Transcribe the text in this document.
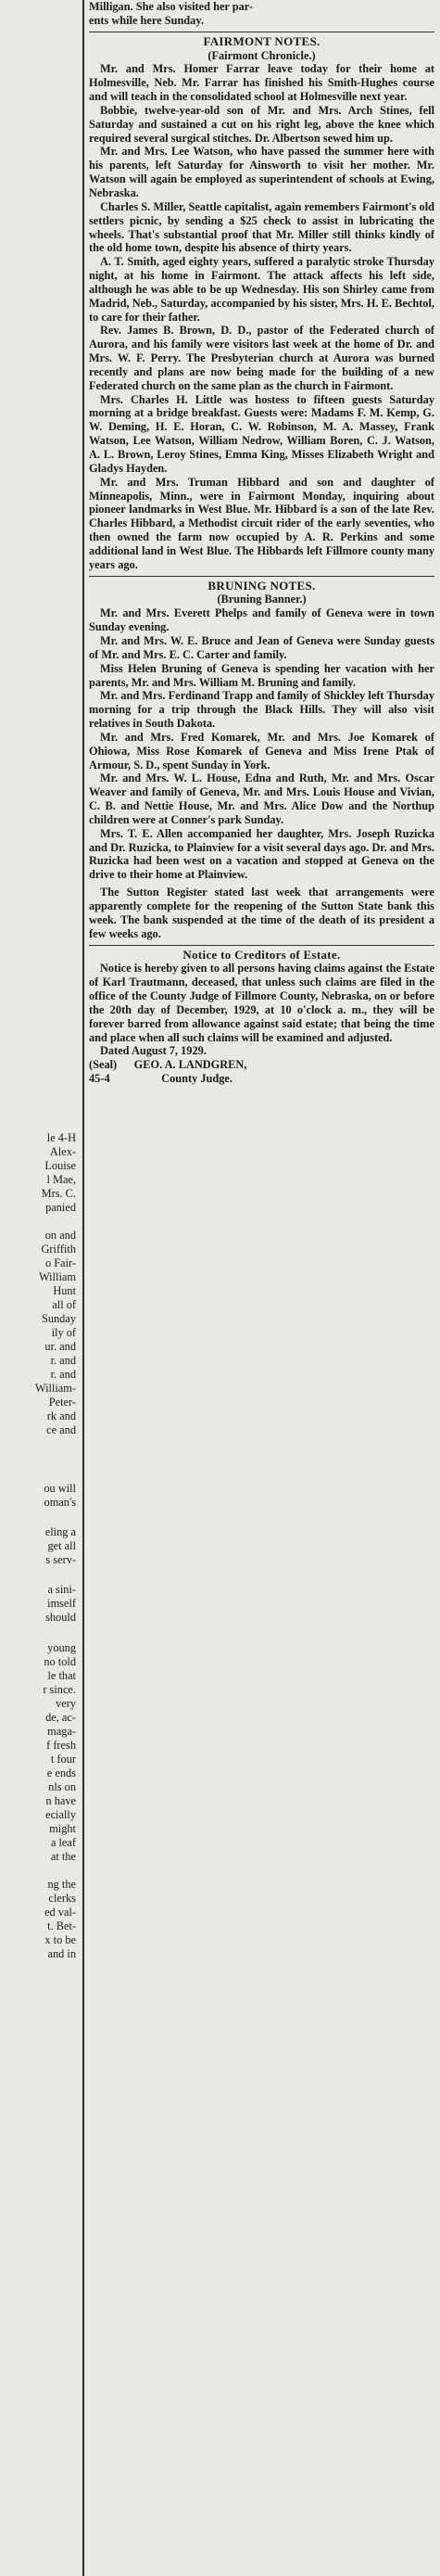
le 4-H
Alex-
Louise
l Mae,
Mrs. C.
panied
on and
Griffith
o Fair-
William
Hunt
all of
Sunday
ily of
ur. and
r. and
r. and
William-
Peter-
rk and
ce and
ou will
oman's
eling a
get all
s serv-
a sini-
imself
should
young
no told
le that
r since.
very
de, ac-
maga-
f fresh
t four
e ends
nls on
n have
ecially
might
a leaf
at the
ng the
clerks
ed val-
t. Bet-
x to be
and in

Milligan. She also visited her par-

ents while here Sunday.

FAIRMONT NOTES.

(Fairmont Chronicle.)

Mr. and Mrs. Homer Farrar leave today for their home at Holmesville, Neb. Mr. Farrar has finished his Smith-Hughes course and will teach in the consolidated school at Holmesville next year.

Bobbie, twelve-year-old son of Mr. and Mrs. Arch Stines, fell Saturday and sustained a cut on his right leg, above the knee which required several surgical stitches. Dr. Albertson sewed him up.

Mr. and Mrs. Lee Watson, who have passed the summer here with his parents, left Saturday for Ainsworth to visit her mother. Mr. Watson will again be employed as superintendent of schools at Ewing, Nebraska.

Charles S. Miller, Seattle capitalist, again remembers Fairmont's old settlers picnic, by sending a $25 check to assist in lubricating the wheels. That's substantial proof that Mr. Miller still thinks kindly of the old home town, despite his absence of thirty years.

A. T. Smith, aged eighty years, suffered a paralytic stroke Thursday night, at his home in Fairmont. The attack affects his left side, although he was able to be up Wednesday. His son Shirley came from Madrid, Neb., Saturday, accompanied by his sister, Mrs. H. E. Bechtol, to care for their father.

Rev. James B. Brown, D. D., pastor of the Federated church of Aurora, and his family were visitors last week at the home of Dr. and Mrs. W. F. Perry. The Presbyterian church at Aurora was burned recently and plans are now being made for the building of a new Federated church on the same plan as the church in Fairmont.

Mrs. Charles H. Little was hostess to fifteen guests Saturday morning at a bridge breakfast. Guests were: Madams F. M. Kemp, G. W. Deming, H. E. Horan, C. W. Robinson, M. A. Massey, Frank Watson, Lee Watson, William Nedrow, William Boren, C. J. Watson, A. L. Brown, Leroy Stines, Emma King, Misses Elizabeth Wright and Gladys Hayden.

Mr. and Mrs. Truman Hibbard and son and daughter of Minneapolis, Minn., were in Fairmont Monday, inquiring about pioneer landmarks in West Blue. Mr. Hibbard is a son of the late Rev. Charles Hibbard, a Methodist circuit rider of the early seventies, who then owned the farm now occupied by A. R. Perkins and some additional land in West Blue. The Hibbards left Fillmore county many years ago.

BRUNING NOTES.

(Bruning Banner.)

Mr. and Mrs. Everett Phelps and family of Geneva were in town Sunday evening.

Mr. and Mrs. W. E. Bruce and Jean of Geneva were Sunday guests of Mr. and Mrs. E. C. Carter and family.

Miss Helen Bruning of Geneva is spending her vacation with her parents, Mr. and Mrs. William M. Bruning and family.

Mr. and Mrs. Ferdinand Trapp and family of Shickley left Thursday morning for a trip through the Black Hills. They will also visit relatives in South Dakota.

Mr. and Mrs. Fred Komarek, Mr. and Mrs. Joe Komarek of Ohiowa, Miss Rose Komarek of Geneva and Miss Irene Ptak of Armour, S. D., spent Sunday in York.

Mr. and Mrs. W. L. House, Edna and Ruth, Mr. and Mrs. Oscar Weaver and family of Geneva, Mr. and Mrs. Louis House and Vivian, C. B. and Nettie House, Mr. and Mrs. Alice Dow and the Northup children were at Conner's park Sunday.

Mrs. T. E. Allen accompanied her daughter, Mrs. Joseph Ruzicka and Dr. Ruzicka, to Plainview for a visit several days ago. Dr. and Mrs. Ruzicka had been west on a vacation and stopped at Geneva on the drive to their home at Plainview.

The Sutton Register stated last week that arrangements were apparently complete for the reopening of the Sutton State bank this week. The bank suspended at the time of the death of its president a few weeks ago.

Notice to Creditors of Estate.

Notice is hereby given to all persons having claims against the Estate of Karl Trautmann, deceased, that unless such claims are filed in the office of the County Judge of Fillmore County, Nebraska, on or before the 20th day of December, 1929, at 10 o'clock a. m., they will be forever barred from allowance against said estate; that being the time and place when all such claims will be examined and adjusted.

Dated August 7, 1929.

(Seal)      GEO. A. LANDGREN,

45-4                  County Judge.
